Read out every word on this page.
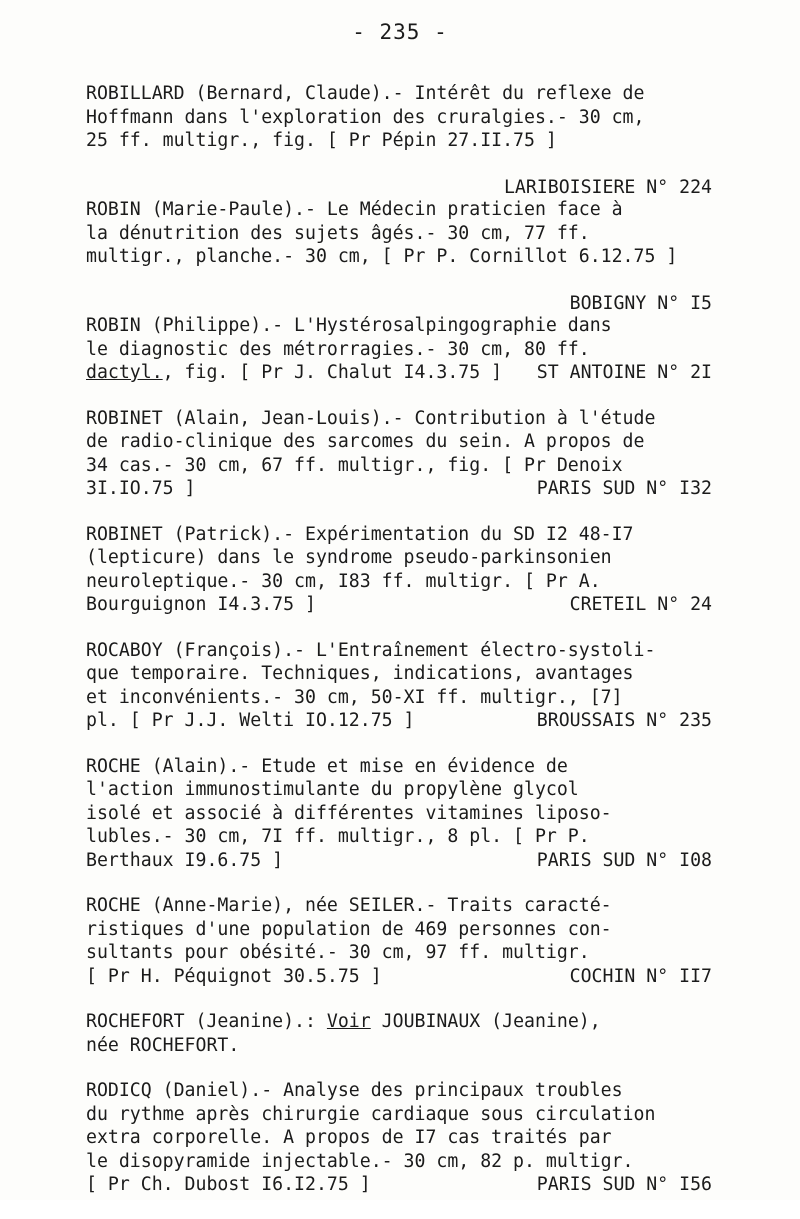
- 235 -
ROBILLARD (Bernard, Claude).- Intérêt du reflexe de
Hoffmann dans l'exploration des cruralgies.- 30 cm,
25 ff. multigr., fig. [ Pr Pépin 27.II.75 ]

LARIBOISIERE N° 224

ROBIN (Marie-Paule).- Le Médecin praticien face à
la dénutrition des sujets âgés.- 30 cm, 77 ff.
multigr., planche.- 30 cm, [ Pr P. Cornillot 6.12.75 ]

BOBIGNY N° I5

ROBIN (Philippe).- L'Hystérosalpingographie dans
le diagnostic des métrorragies.- 30 cm, 80 ff.
dactyl., fig. [ Pr J. Chalut I4.3.75 ] ST ANTOINE N° 2I
ROBINET (Alain, Jean-Louis).- Contribution à l'étude
de radio-clinique des sarcomes du sein. A propos de
34 cas.- 30 cm, 67 ff. multigr., fig. [ Pr Denoix
3I.IO.75 ]	PARIS SUD N° I32
ROBINET (Patrick).- Expérimentation du SD I2 48-I7
(lepticure) dans le syndrome pseudo-parkinsonien
neuroleptique.- 30 cm, I83 ff. multigr. [ Pr A.
Bourguignon I4.3.75 ]	CRETEIL N° 24
ROCABOY (François).- L'Entraînement électro-systoli-
que temporaire. Techniques, indications, avantages
et inconvénients.- 30 cm, 50-XI ff. multigr., [7]
pl. [ Pr J.J. Welti IO.12.75 ]	BROUSSAIS N° 235
ROCHE (Alain).- Etude et mise en évidence de
l'action immunostimulante du propylène glycol
isolé et associé à différentes vitamines liposo-
lubles.- 30 cm, 7I ff. multigr., 8 pl. [ Pr P.
Berthaux I9.6.75 ]	PARIS SUD N° I08
ROCHE (Anne-Marie), née SEILER.- Traits caracté-
ristiques d'une population de 469 personnes con-
sultants pour obésité.- 30 cm, 97 ff. multigr.
[ Pr H. Péquignot 30.5.75 ]	COCHIN N° II7
ROCHEFORT (Jeanine).: Voir JOUBINAUX (Jeanine),
née ROCHEFORT.
RODICQ (Daniel).- Analyse des principaux troubles
du rythme après chirurgie cardiaque sous circulation
extra corporelle. A propos de I7 cas traités par
le disopyramide injectable.- 30 cm, 82 p. multigr.
[ Pr Ch. Dubost I6.I2.75 ]	PARIS SUD N° I56
